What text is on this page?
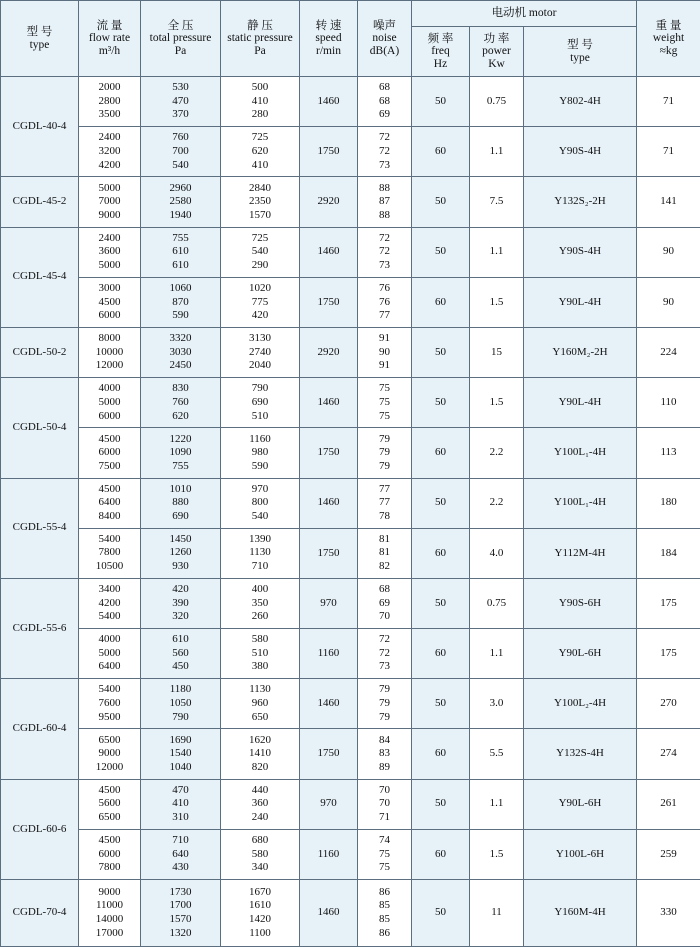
型 号
type	流 量
flow rate
m³/h	全 压
total pressure
Pa	静 压
static pressure
Pa	转 速
speed
r/min	噪声
noise
dB(A)	电动机 motor			重 量
weight
≈kg

						频 率
freq
Hz	功 率
power
Kw	型 号
type	

CGDL-40-4	2000
2800
3500	530
470
370	500
410
280	1460	68
68
69	50	0.75	Y802-4H	71

	2400
3200
4200	760
700
540	725
620
410	1750	72
72
73	60	1.1	Y90S-4H	71
CGDL-45-2	5000
7000
9000	2960
2580
1940	2840
2350
1570	2920	88
87
88	50	7.5	Y132S₂-2H	141
CGDL-45-4	2400
3600
5000	755
610
610	725
540
290	1460	72
72
73	50	1.1	Y90S-4H	90

	3000
4500
6000	1060
870
590	1020
775
420	1750	76
76
77	60	1.5	Y90L-4H	90
CGDL-50-2	8000
10000
12000	3320
3030
2450	3130
2740
2040	2920	91
90
91	50	15	Y160M₂-2H	224
CGDL-50-4	4000
5000
6000	830
760
620	790
690
510	1460	75
75
75	50	1.5	Y90L-4H	110

	4500
6000
7500	1220
1090
755	1160
980
590	1750	79
79
79	60	2.2	Y100L₁-4H	113
CGDL-55-4	4500
6400
8400	1010
880
690	970
800
540	1460	77
77
78	50	2.2	Y100L₁-4H	180

	5400
7800
10500	1450
1260
930	1390
1130
710	1750	81
81
82	60	4.0	Y112M-4H	184
CGDL-55-6	3400
4200
5400	420
390
320	400
350
260	970	68
69
70	50	0.75	Y90S-6H	175

	4000
5000
6400	610
560
450	580
510
380	1160	72
72
73	60	1.1	Y90L-6H	175
CGDL-60-4	5400
7600
9500	1180
1050
790	1130
960
650	1460	79
79
79	50	3.0	Y100L₂-4H	270

	6500
9000
12000	1690
1540
1040	1620
1410
820	1750	84
83
89	60	5.5	Y132S-4H	274
CGDL-60-6	4500
5600
6500	470
410
310	440
360
240	970	70
70
71	50	1.1	Y90L-6H	261

	4500
6000
7800	710
640
430	680
580
340	1160	74
75
75	60	1.5	Y100L-6H	259
CGDL-70-4	9000
11000
14000
17000	1730
1700
1570
1320	1670
1610
1420
1100	1460	86
85
85
86	50	11	Y160M-4H	330
